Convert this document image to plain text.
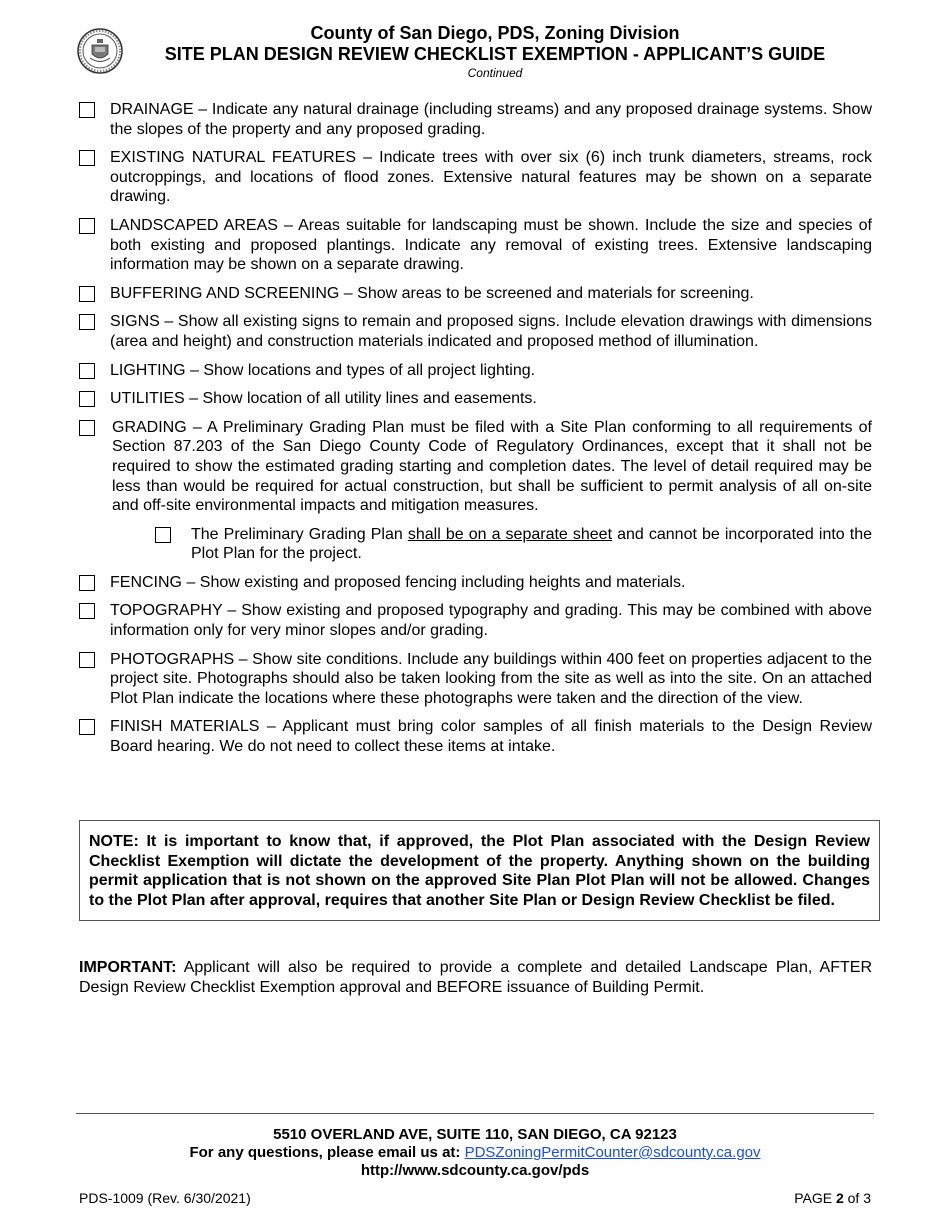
County of San Diego, PDS, Zoning Division
SITE PLAN DESIGN REVIEW CHECKLIST EXEMPTION - APPLICANT’S GUIDE
Continued
DRAINAGE – Indicate any natural drainage (including streams) and any proposed drainage systems. Show the slopes of the property and any proposed grading.
EXISTING NATURAL FEATURES – Indicate trees with over six (6) inch trunk diameters, streams, rock outcroppings, and locations of flood zones. Extensive natural features may be shown on a separate drawing.
LANDSCAPED AREAS – Areas suitable for landscaping must be shown. Include the size and species of both existing and proposed plantings. Indicate any removal of existing trees. Extensive landscaping information may be shown on a separate drawing.
BUFFERING AND SCREENING – Show areas to be screened and materials for screening.
SIGNS – Show all existing signs to remain and proposed signs. Include elevation drawings with dimensions (area and height) and construction materials indicated and proposed method of illumination.
LIGHTING – Show locations and types of all project lighting.
UTILITIES – Show location of all utility lines and easements.
GRADING – A Preliminary Grading Plan must be filed with a Site Plan conforming to all requirements of Section 87.203 of the San Diego County Code of Regulatory Ordinances, except that it shall not be required to show the estimated grading starting and completion dates. The level of detail required may be less than would be required for actual construction, but shall be sufficient to permit analysis of all on-site and off-site environmental impacts and mitigation measures.
The Preliminary Grading Plan shall be on a separate sheet and cannot be incorporated into the Plot Plan for the project.
FENCING – Show existing and proposed fencing including heights and materials.
TOPOGRAPHY – Show existing and proposed typography and grading. This may be combined with above information only for very minor slopes and/or grading.
PHOTOGRAPHS – Show site conditions. Include any buildings within 400 feet on properties adjacent to the project site. Photographs should also be taken looking from the site as well as into the site. On an attached Plot Plan indicate the locations where these photographs were taken and the direction of the view.
FINISH MATERIALS – Applicant must bring color samples of all finish materials to the Design Review Board hearing. We do not need to collect these items at intake.
NOTE: It is important to know that, if approved, the Plot Plan associated with the Design Review Checklist Exemption will dictate the development of the property. Anything shown on the building permit application that is not shown on the approved Site Plan Plot Plan will not be allowed. Changes to the Plot Plan after approval, requires that another Site Plan or Design Review Checklist be filed.
IMPORTANT: Applicant will also be required to provide a complete and detailed Landscape Plan, AFTER Design Review Checklist Exemption approval and BEFORE issuance of Building Permit.
5510 OVERLAND AVE, SUITE 110, SAN DIEGO, CA 92123
For any questions, please email us at: PDSZoningPermitCounter@sdcounty.ca.gov
http://www.sdcounty.ca.gov/pds
PDS-1009 (Rev. 6/30/2021)	PAGE 2 of 3
